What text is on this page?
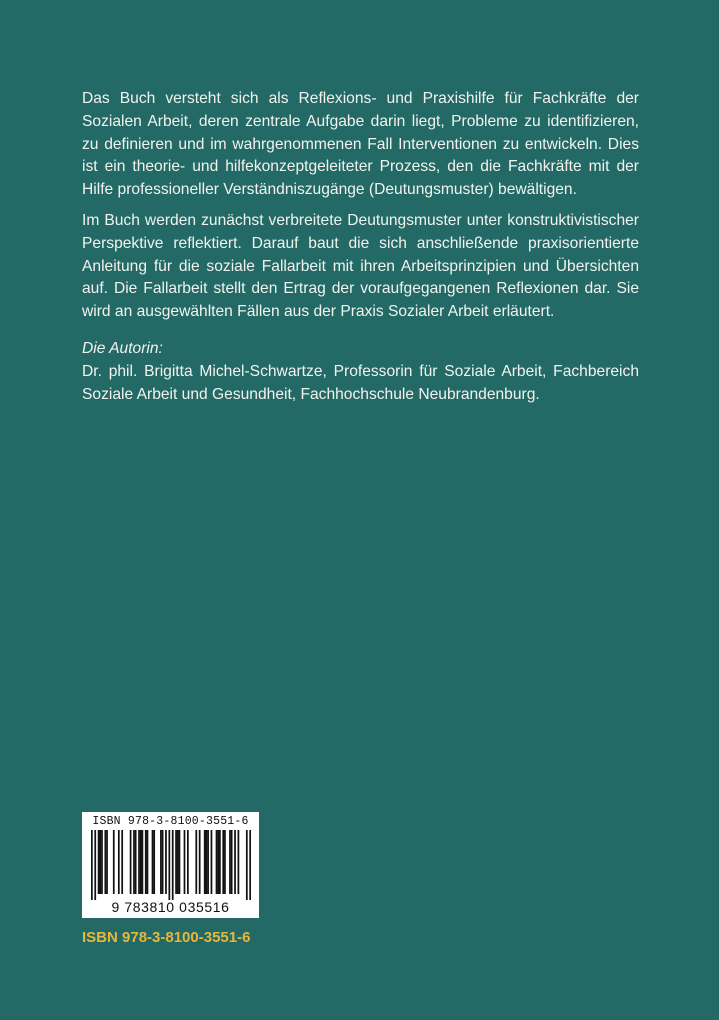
Das Buch versteht sich als Reflexions- und Praxishilfe für Fachkräfte der Sozialen Arbeit, deren zentrale Aufgabe darin liegt, Probleme zu identifizieren, zu definieren und im wahrgenommenen Fall Interventionen zu entwickeln. Dies ist ein theorie- und hilfekonzeptgeleiteter Prozess, den die Fachkräfte mit der Hilfe professioneller Verständniszugänge (Deutungsmuster) bewältigen.

Im Buch werden zunächst verbreitete Deutungsmuster unter konstruktivistischer Perspektive reflektiert. Darauf baut die sich anschließende praxisorientierte Anleitung für die soziale Fallarbeit mit ihren Arbeitsprinzipien und Übersichten auf. Die Fallarbeit stellt den Ertrag der voraufgegangenen Reflexionen dar. Sie wird an ausgewählten Fällen aus der Praxis Sozialer Arbeit erläutert.

Die Autorin:

Dr. phil. Brigitta Michel-Schwartze, Professorin für Soziale Arbeit, Fachbereich Soziale Arbeit und Gesundheit, Fachhochschule Neubrandenburg.

ISBN 978-3-8100-3551-6
9 783810 035516
ISBN 978-3-8100-3551-6
